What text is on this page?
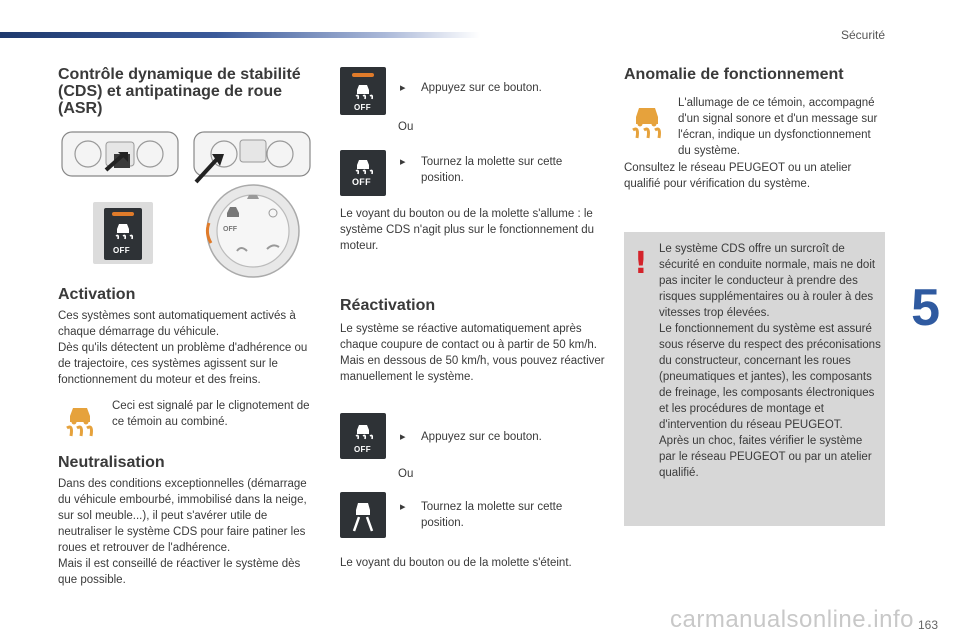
Sécurité
5
Contrôle dynamique de stabilité (CDS) et antipatinage de roue (ASR)
OFF
OFF
Activation

Ces systèmes sont automatiquement activés à chaque démarrage du véhicule.
Dès qu'ils détectent un problème d'adhérence ou de trajectoire, ces systèmes agissent sur le fonctionnement du moteur et des freins.

Ceci est signalé par le clignotement de ce témoin au combiné.

Neutralisation

Dans des conditions exceptionnelles (démarrage du véhicule embourbé, immobilisé dans la neige, sur sol meuble...), il peut s'avérer utile de neutraliser le système CDS pour faire patiner les roues et retrouver de l'adhérence.
Mais il est conseillé de réactiver le système dès que possible.

OFF
▸ Appuyez sur ce bouton.

Ou

OFF
▸ Tournez la molette sur cette position.

Le voyant du bouton ou de la molette s'allume : le système CDS n'agit plus sur le fonctionnement du moteur.

Réactivation

Le système se réactive automatiquement après chaque coupure de contact ou à partir de 50 km/h.
Mais en dessous de 50 km/h, vous pouvez réactiver manuellement le système.

OFF
▸ Appuyez sur ce bouton.

Ou

▸ Tournez la molette sur cette position.

Le voyant du bouton ou de la molette s'éteint.

Anomalie de fonctionnement

L'allumage de ce témoin, accompagné d'un signal sonore et d'un message sur l'écran, indique un dysfonctionnement du système.

Consultez le réseau PEUGEOT ou un atelier qualifié pour vérification du système.

! Le système CDS offre un surcroît de sécurité en conduite normale, mais ne doit pas inciter le conducteur à prendre des risques supplémentaires ou à rouler à des vitesses trop élevées.
Le fonctionnement du système est assuré sous réserve du respect des préconisations du constructeur, concernant les roues (pneumatiques et jantes), les composants de freinage, les composants électroniques et les procédures de montage et d'intervention du réseau PEUGEOT.
Après un choc, faites vérifier le système par le réseau PEUGEOT ou par un atelier qualifié.

carmanualsonline.info 163
